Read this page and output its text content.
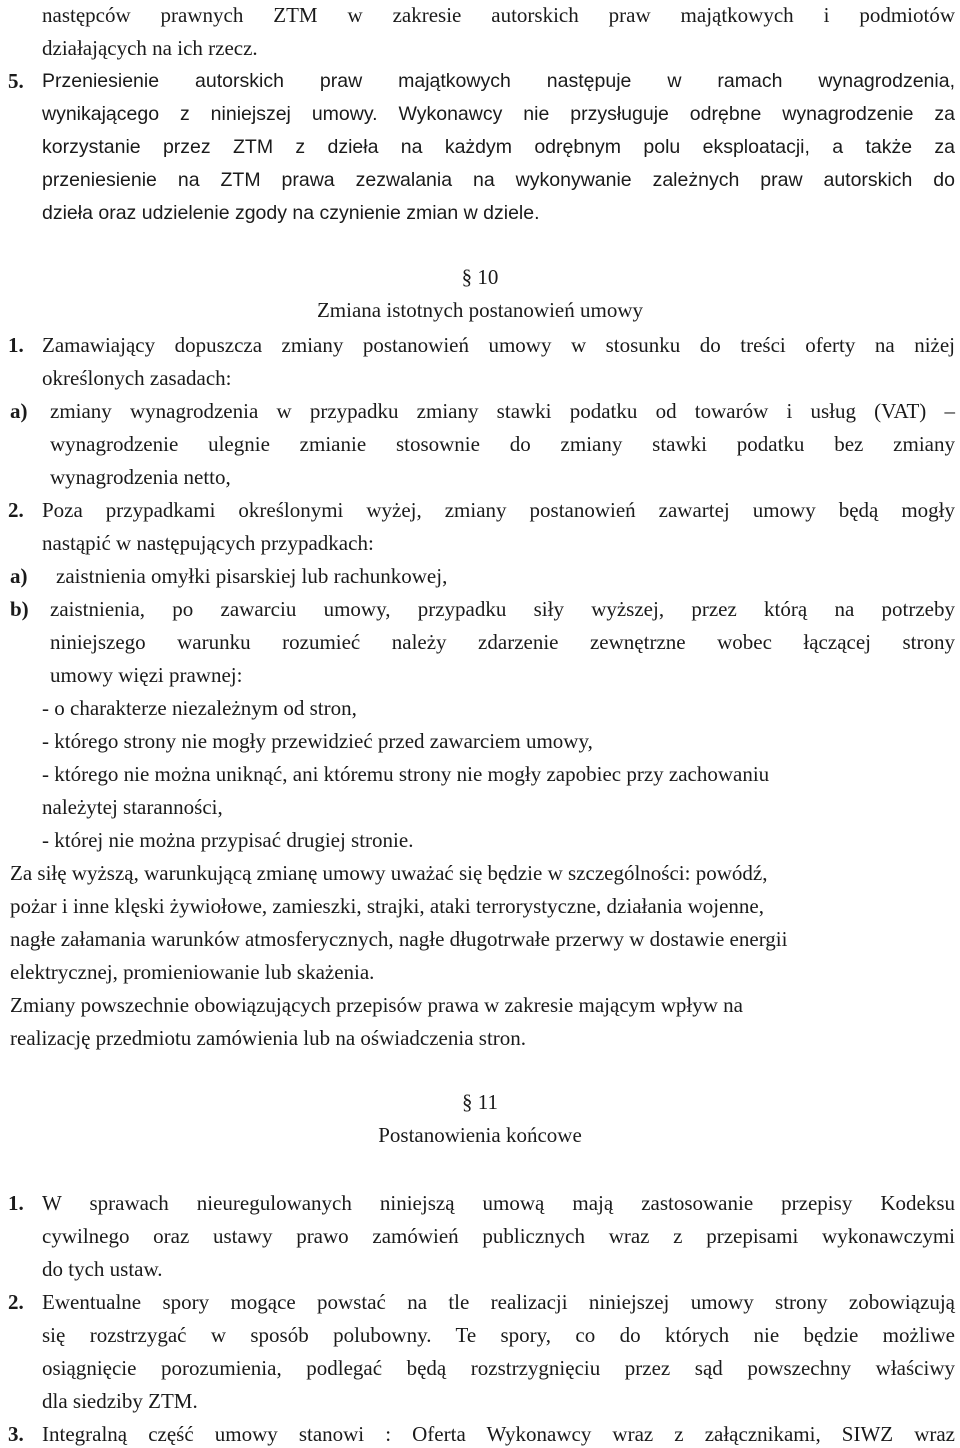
następców prawnych ZTM w zakresie autorskich praw majątkowych i podmiotów
działających na ich rzecz.
5. Przeniesienie autorskich praw majątkowych następuje w ramach wynagrodzenia,
wynikającego z niniejszej umowy. Wykonawcy nie przysługuje odrębne wynagrodzenie za
korzystanie przez ZTM z dzieła na każdym odrębnym polu eksploatacji, a także za
przeniesienie na ZTM prawa zezwalania na wykonywanie zależnych praw autorskich do
dzieła oraz udzielenie zgody na czynienie zmian w dziele.
1. Zamawiający dopuszcza zmiany postanowień umowy w stosunku do treści oferty na niżej
określonych zasadach:
a) zmiany wynagrodzenia w przypadku zmiany stawki podatku od towarów i usług (VAT) –
wynagrodzenie ulegnie zmianie stosownie do zmiany stawki podatku bez zmiany
wynagrodzenia netto,
2. Poza przypadkami określonymi wyżej, zmiany postanowień zawartej umowy będą mogły
nastąpić w następujących przypadkach:
a) zaistnienia omyłki pisarskiej lub rachunkowej,
b) zaistnienia, po zawarciu umowy, przypadku siły wyższej, przez którą na potrzeby
niniejszego warunku rozumieć należy zdarzenie zewnętrzne wobec łączącej strony
umowy więzi prawnej:
- o charakterze niezależnym od stron,
- którego strony nie mogły przewidzieć przed zawarciem umowy,
- którego nie można uniknąć, ani któremu strony nie mogły zapobiec przy zachowaniu
należytej staranności,
- której nie można przypisać drugiej stronie.
Za siłę wyższą, warunkującą zmianę umowy uważać się będzie w szczególności: powódź,
pożar i inne klęski żywiołowe, zamieszki, strajki, ataki terrorystyczne, działania wojenne,
nagłe załamania warunków atmosferycznych, nagłe długotrwałe przerwy w dostawie energii
elektrycznej, promieniowanie lub skażenia.
Zmiany powszechnie obowiązujących przepisów prawa w zakresie mającym wpływ na
realizację przedmiotu zamówienia lub na oświadczenia stron.
1. W sprawach nieuregulowanych niniejszą umową mają zastosowanie przepisy Kodeksu
cywilnego oraz ustawy prawo zamówień publicznych wraz z przepisami wykonawczymi
do tych ustaw.
2. Ewentualne spory mogące powstać na tle realizacji niniejszej umowy strony zobowiązują
się rozstrzygać w sposób polubowny. Te spory, co do których nie będzie możliwe
osiągnięcie porozumienia, podlegać będą rozstrzygnięciu przez sąd powszechny właściwy
dla siedziby ZTM.
3. Integralną część umowy stanowi : Oferta Wykonawcy wraz z załącznikami, SIWZ wraz
§ 10
Zmiana istotnych postanowień umowy
§ 11
Postanowienia końcowe
